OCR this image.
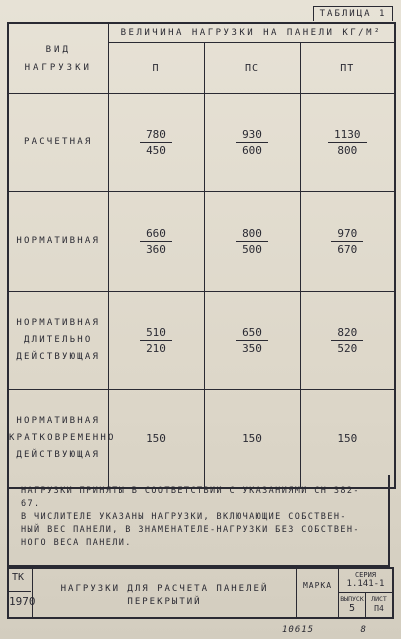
ТАБЛИЦА 1
ВИД
НАГРУЗКИ	ВЕЛИЧИНА НАГРУЗКИ НА ПАНЕЛИ КГ/М²		
	П	ПС	ПТ
РАСЧЕТНАЯ	$\frac{780}{450}$	$\frac{930}{600}$	$\frac{1130}{800}$

НОРМАТИВНАЯ	$\frac{660}{360}$	$\frac{800}{500}$	$\frac{970}{670}$

НОРМАТИВНАЯ
ДЛИТЕЛЬНО
ДЕЙСТВУЮЩАЯ	$\frac{510}{210}$	$\frac{650}{350}$	$\frac{820}{520}$

НОРМАТИВНАЯ
КРАТКОВРЕМЕННО
ДЕЙСТВУЮЩАЯ	150	150	150

НАГРУЗКИ ПРИНЯТЫ В СООТВЕТСТВИИ С УКАЗАНИЯМИ СН 382-67.

В ЧИСЛИТЕЛЕ УКАЗАНЫ НАГРУЗКИ, ВКЛЮЧАЮЩИЕ СОБСТВЕН-

НЫЙ ВЕС ПАНЕЛИ, В ЗНАМЕНАТЕЛЕ-НАГРУЗКИ БЕЗ СОБСТВЕН-

НОГО ВЕСА ПАНЕЛИ.

ТК
1970
НАГРУЗКИ ДЛЯ РАСЧЕТА ПАНЕЛЕЙ
ПЕРЕКРЫТИЙ
МАРКА
СЕРИЯ
1.141-1
ВЫПУСК
5
ЛИСТ
П4
10615	8
